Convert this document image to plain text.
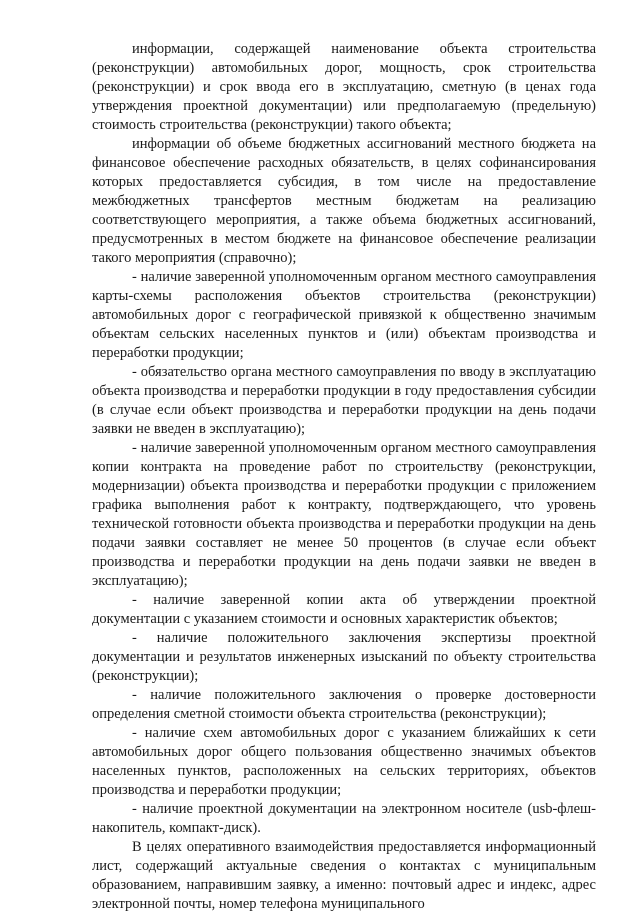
информации, содержащей наименование объекта строительства (реконструкции) автомобильных дорог, мощность, срок строительства (реконструкции) и срок ввода его в эксплуатацию, сметную (в ценах года утверждения проектной документации) или предполагаемую (предельную) стоимость строительства (реконструкции) такого объекта;

информации об объеме бюджетных ассигнований местного бюджета на финансовое обеспечение расходных обязательств, в целях софинансирования которых предоставляется субсидия, в том числе на предоставление межбюджетных трансфертов местным бюджетам на реализацию соответствующего мероприятия, а также объема бюджетных ассигнований, предусмотренных в местом бюджете на финансовое обеспечение реализации такого мероприятия (справочно);

- наличие заверенной уполномоченным органом местного самоуправления карты-схемы расположения объектов строительства (реконструкции) автомобильных дорог с географической привязкой к общественно значимым объектам сельских населенных пунктов и (или) объектам производства и переработки продукции;

- обязательство органа местного самоуправления по вводу в эксплуатацию объекта производства и переработки продукции в году предоставления субсидии (в случае если объект производства и переработки продукции на день подачи заявки не введен в эксплуатацию);

- наличие заверенной уполномоченным органом местного самоуправления копии контракта на проведение работ по строительству (реконструкции, модернизации) объекта производства и переработки продукции с приложением графика выполнения работ к контракту, подтверждающего, что уровень технической готовности объекта производства и переработки продукции на день подачи заявки составляет не менее 50 процентов (в случае если объект производства и переработки продукции на день подачи заявки не введен в эксплуатацию);

- наличие заверенной копии акта об утверждении проектной документации с указанием стоимости и основных характеристик объектов;

- наличие положительного заключения экспертизы проектной документации и результатов инженерных изысканий по объекту строительства (реконструкции);

- наличие положительного заключения о проверке достоверности определения сметной стоимости объекта строительства (реконструкции);

- наличие схем автомобильных дорог с указанием ближайших к сети автомобильных дорог общего пользования общественно значимых объектов населенных пунктов, расположенных на сельских территориях, объектов производства и переработки продукции;

- наличие проектной документации на электронном носителе (usb-флеш-накопитель, компакт-диск).

В целях оперативного взаимодействия предоставляется информационный лист, содержащий актуальные сведения о контактах с муниципальным образованием, направившим заявку, а именно: почтовый адрес и индекс, адрес электронной почты, номер телефона муниципального
